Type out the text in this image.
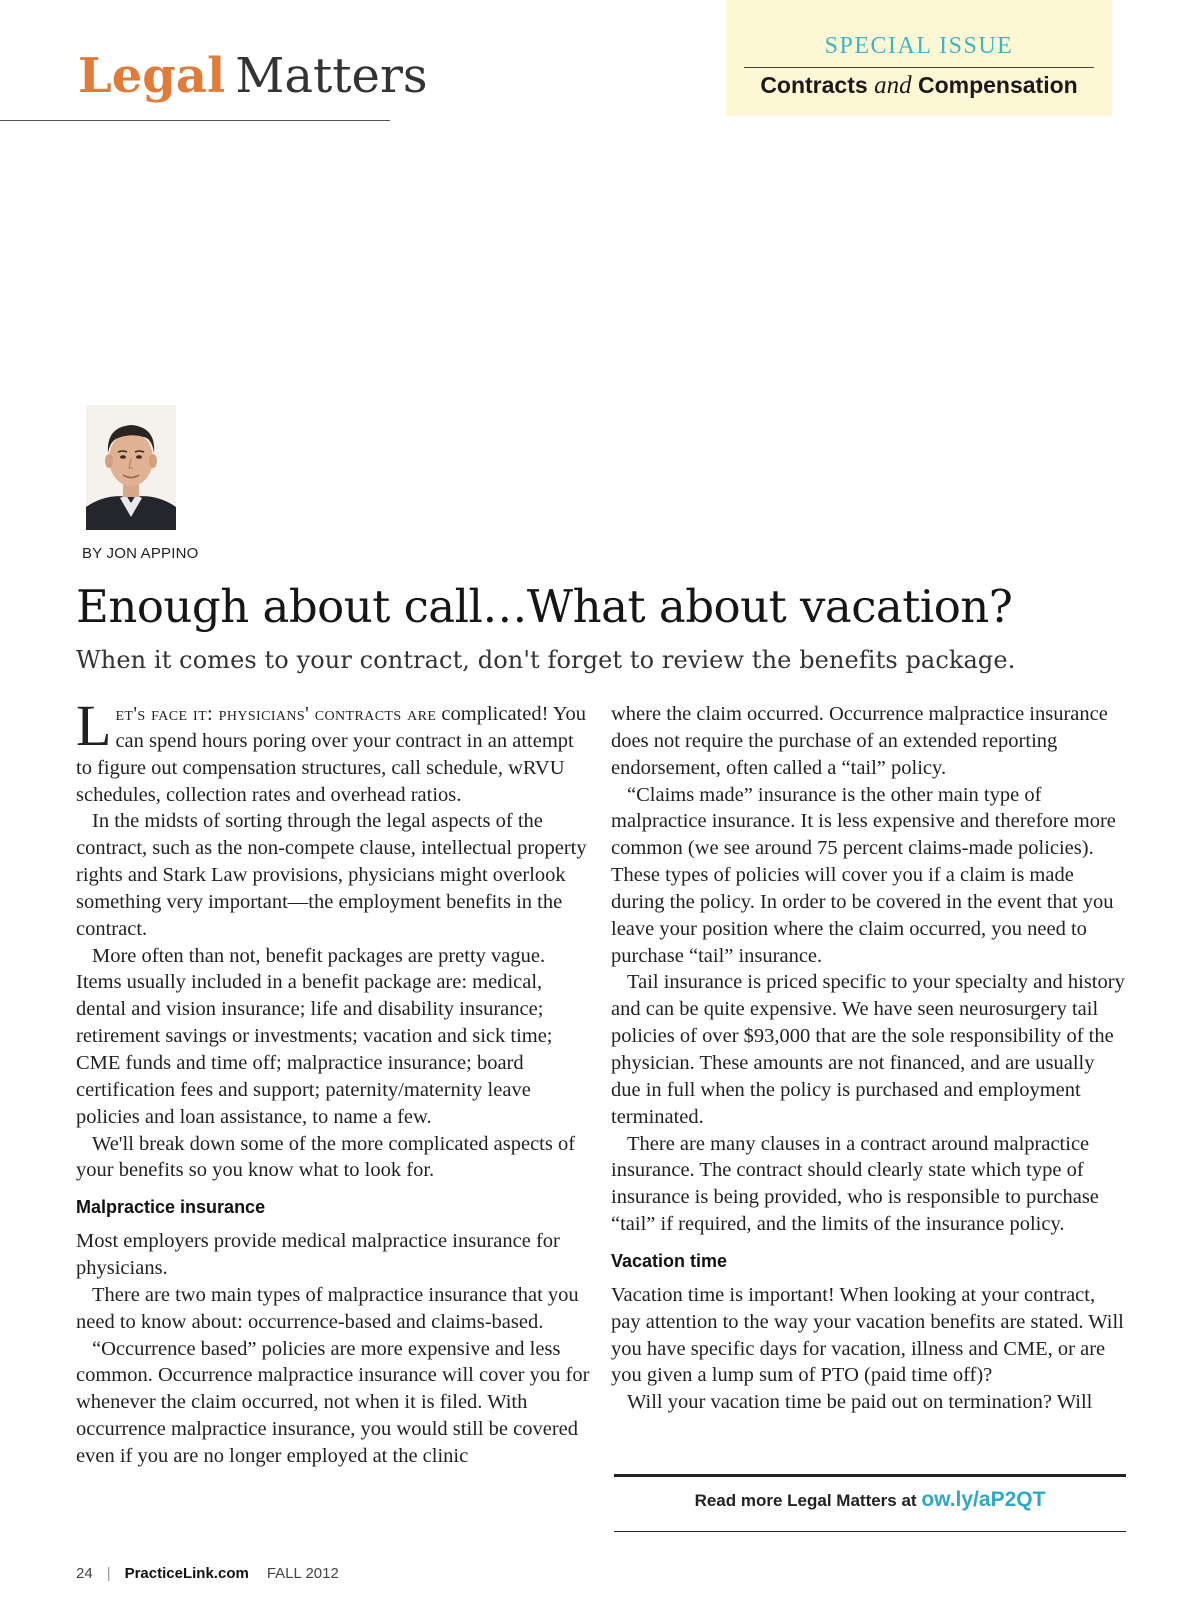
Legal Matters
SPECIAL ISSUE
Contracts and Compensation
BY JON APPINO
Enough about call…What about vacation?
When it comes to your contract, don't forget to review the benefits package.

Let's face it: physicians' contracts are complicated! You can spend hours poring over your contract in an attempt to figure out compensation structures, call schedule, wRVU schedules, collection rates and overhead ratios.

In the midsts of sorting through the legal aspects of the contract, such as the non-compete clause, intellectual property rights and Stark Law provisions, physicians might overlook something very important—the employment benefits in the contract.

More often than not, benefit packages are pretty vague. Items usually included in a benefit package are: medical, dental and vision insurance; life and disability insurance; retirement savings or investments; vacation and sick time; CME funds and time off; malpractice insurance; board certification fees and support; paternity/maternity leave policies and loan assistance, to name a few.

We'll break down some of the more complicated aspects of your benefits so you know what to look for.

Malpractice insurance

Most employers provide medical malpractice insurance for physicians.

There are two main types of malpractice insurance that you need to know about: occurrence-based and claims-based.

“Occurrence based” policies are more expensive and less common. Occurrence malpractice insurance will cover you for whenever the claim occurred, not when it is filed. With occurrence malpractice insurance, you would still be covered even if you are no longer employed at the clinic

where the claim occurred. Occurrence malpractice insurance does not require the purchase of an extended reporting endorsement, often called a “tail” policy.

“Claims made” insurance is the other main type of malpractice insurance. It is less expensive and therefore more common (we see around 75 percent claims-made policies). These types of policies will cover you if a claim is made during the policy. In order to be covered in the event that you leave your position where the claim occurred, you need to purchase “tail” insurance.

Tail insurance is priced specific to your specialty and history and can be quite expensive. We have seen neurosurgery tail policies of over $93,000 that are the sole responsibility of the physician. These amounts are not financed, and are usually due in full when the policy is purchased and employment terminated.

There are many clauses in a contract around malpractice insurance. The contract should clearly state which type of insurance is being provided, who is responsible to purchase “tail” if required, and the limits of the insurance policy.

Vacation time

Vacation time is important! When looking at your contract, pay attention to the way your vacation benefits are stated. Will you have specific days for vacation, illness and CME, or are you given a lump sum of PTO (paid time off)?

Will your vacation time be paid out on termination? Will

Read more Legal Matters at ow.ly/aP2QT
24 | PracticeLink.com FALL 2012
